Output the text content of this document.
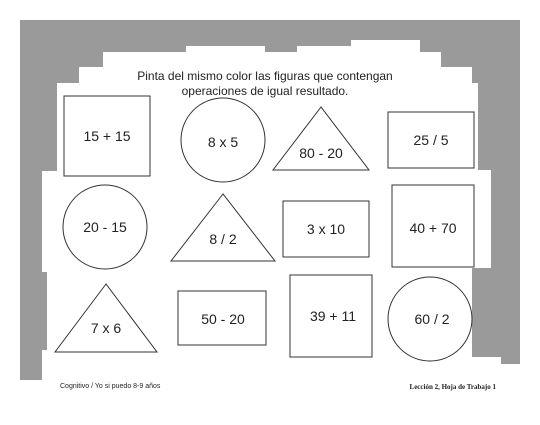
Pinta del mismo color las figuras que contengan
operaciones de igual resultado.
15 + 15	8 x 5
80 - 20
25 / 5
20 - 15
8 / 2
3 x 10	40 + 70
7 x 6
50 - 20	39 + 11	60 / 2
Cognitivo / Yo si puedo 8-9 años	Lección 2, Hoja de Trabajo 1
